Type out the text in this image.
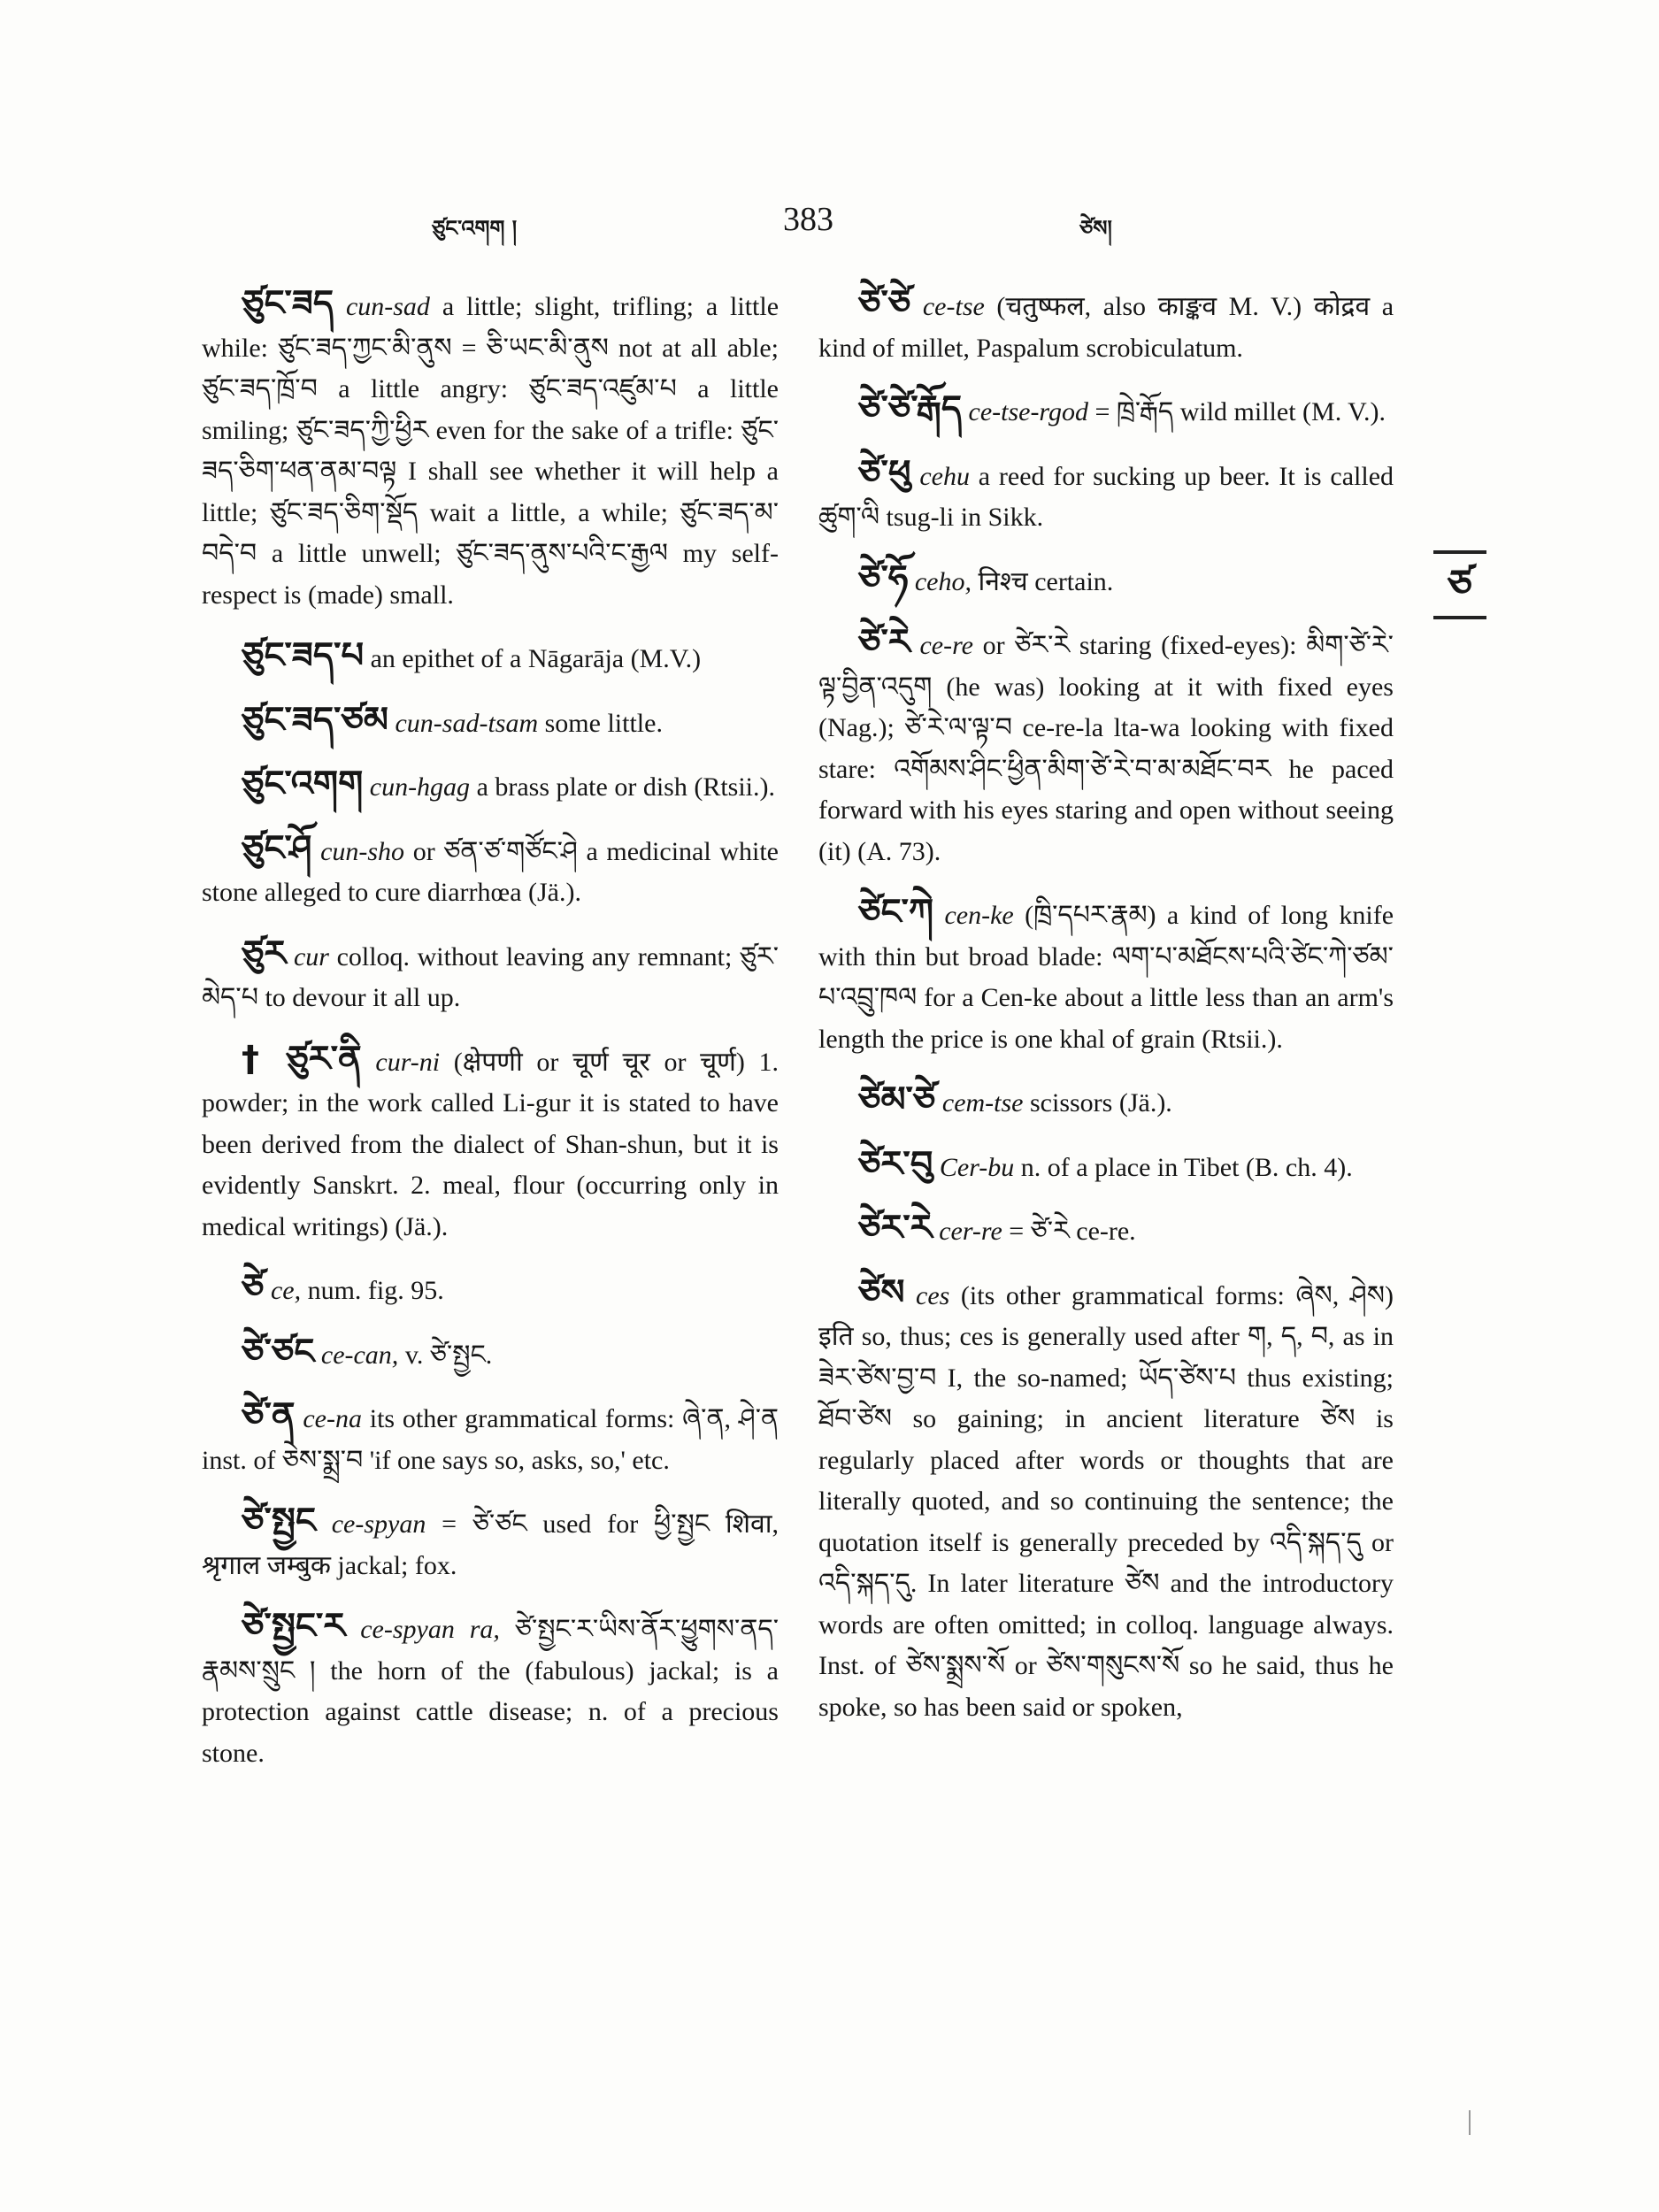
ཙུང་འགག །	383	ཙེས།

ཙུང་ཟད cun-sad a little; slight, trifling; a little while: ཙུང་ཟད་ཀྱང་མི་ནུས = ཅི་ཡང་མི་ནུས not at all able; ཙུང་ཟད་ཁྲོ་བ a little angry: ཙུང་ཟད་འཛུམ་པ a little smiling; ཙུང་ཟད་ཀྱི་ཕྱིར even for the sake of a trifle: ཙུང་ཟད་ཅིག་ཕན་ནམ་བལྟ I shall see whether it will help a little; ཙུང་ཟད་ཅིག་སྡོད wait a little, a while; ཙུང་ཟད་མ་བདེ་བ a little unwell; ཙུང་ཟད་ནུས་པའི་ང་རྒྱལ my self-respect is (made) small.

ཙུང་ཟད་པ an epithet of a Nāgarāja (M.V.)

ཙུང་ཟད་ཙམ cun-sad-tsam some little.

ཙུང་འགག cun-hgag a brass plate or dish (Rtsii.).

ཙུང་ཤོ cun-sho or ཙན་ཙ་གཙོང་ཤེ a medicinal white stone alleged to cure diarrhœa (Jä.).

ཙུར cur colloq. without leaving any remnant; ཙུར་མེད་པ to devour it all up.

† ཙུར་ནི cur-ni (क्षेपणी or चूर्ण चूर or चूर्ण) 1. powder; in the work called Li-gur it is stated to have been derived from the dialect of Shan-shun, but it is evidently Sanskrt. 2. meal, flour (occurring only in medical writings) (Jä.).

ཙེ ce, num. fig. 95.

ཙེ་ཙང ce-can, v. ཙེ་སྤྱང.

ཙེ་ན ce-na its other grammatical forms: ཞེ་ན, ཤེ་ན inst. of ཅེས་སྨྲ་བ 'if one says so, asks, so,' etc.

ཙེ་སྤྱང ce-spyan = ཙེ་ཙང used for ཕྱི་སྤྱང शिवा, श्रृगाल जम्बुक jackal; fox.

ཙེ་སྤྱང་ར ce-spyan ra, ཙེ་སྤྱང་ར་ཡིས་ནོར་ཕྱུགས་ནད་རྣམས་སྲུང ། the horn of the (fabulous) jackal; is a protection against cattle disease; n. of a precious stone.

ཙེ་ཙེ ce-tse (चतुष्फल, also काङ्कव M. V.) कोद्रव a kind of millet, Paspalum scrobiculatum.

ཙེ་ཙེ་རྒོད ce-tse-rgod = ཁྲེ་རྒོད wild millet (M. V.).

ཙེ་ཕུ cehu a reed for sucking up beer. It is called ཚུག་ལི tsug-li in Sikk.

ཙེ་ཧོ ceho, निश्च certain.

ཙེ་རེ ce-re or ཙེར་རེ staring (fixed-eyes): མིག་ཙེ་རེ་ལྟ་བྱིན་འདུག (he was) looking at it with fixed eyes (Nag.); ཙེ་རེ་ལ་ལྟ་བ ce-re-la lta-wa looking with fixed stare: འགོམས་ཤིང་ཕྱིན་མིག་ཙེ་རེ་བ་མ་མཐོང་བར he paced forward with his eyes staring and open without seeing (it) (A. 73).

ཙེང་ཀེ cen-ke (ཁྲི་དཔར་རྣམ) a kind of long knife with thin but broad blade: ལག་པ་མཐོངས་པའི་ཙེང་ཀེ་ཙམ་པ་འབྲུ་ཁལ for a Cen-ke about a little less than an arm's length the price is one khal of grain (Rtsii.).

ཙེམ་ཙེ cem-tse scissors (Jä.).

ཙེར་བུ Cer-bu n. of a place in Tibet (B. ch. 4).

ཙེར་རེ cer-re = ཙེ་རེ ce-re.

ཙེས ces (its other grammatical forms: ཞེས, ཤེས) इति so, thus; ces is generally used after ག, ད, བ, as in ཟེར་ཙེས་བྱ་བ I, the so-named; ཡོད་ཙེས་པ thus existing; ཐོབ་ཙེས so gaining; in ancient literature ཙེས is regularly placed after words or thoughts that are literally quoted, and so continuing the sentence; the quotation itself is generally preceded by འདི་སྐད་དུ or འདི་སྐད་དུ. In later literature ཙེས and the introductory words are often omitted; in colloq. language always. Inst. of ཙེས་སྨྲས་སོ or ཙེས་གསུངས་སོ so he said, thus he spoke, so has been said or spoken,

ཙ
